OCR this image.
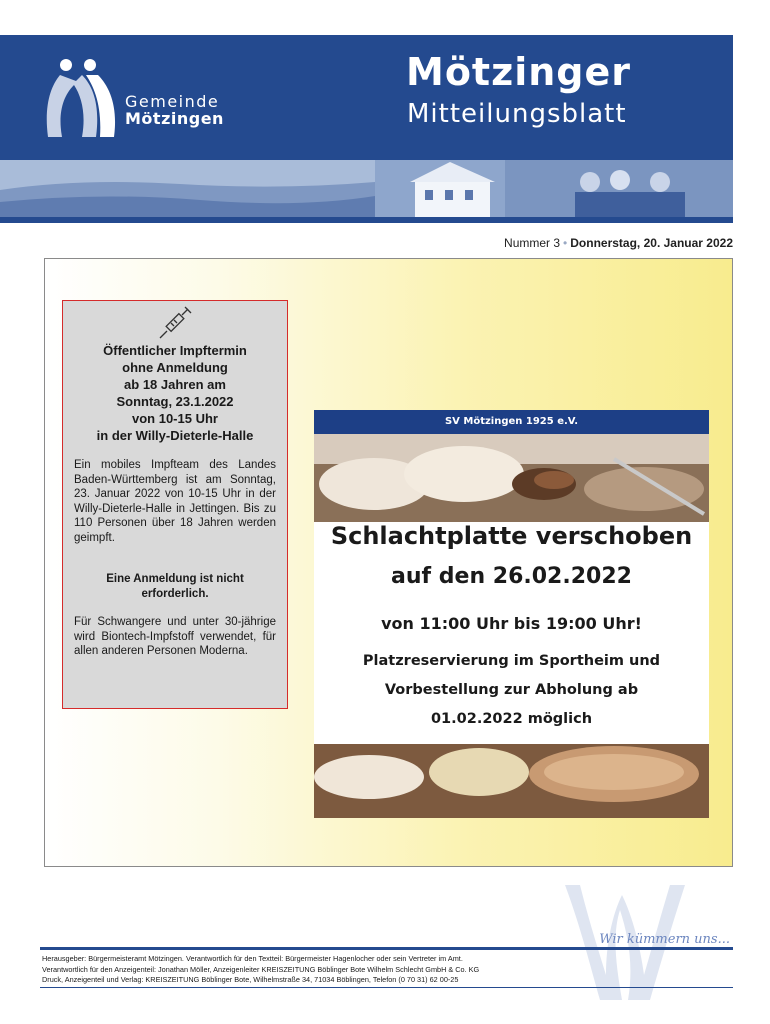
Gemeinde
Mötzingen
Mötzinger
Mitteilungsblatt
Nummer 3 • Donnerstag, 20. Januar 2022
Öffentlicher Impftermin
ohne Anmeldung
ab 18 Jahren am
Sonntag, 23.1.2022
von 10-15 Uhr
in der Willy-Dieterle-Halle
Ein mobiles Impfteam des Landes Baden-Württemberg ist am Sonntag, 23. Januar 2022 von 10-15 Uhr in der Willy-Dieterle-Halle in Jettingen. Bis zu 110 Personen über 18 Jahren werden geimpft.
Eine Anmeldung ist nicht erforderlich.
Für Schwangere und unter 30-jährige wird Biontech-Impfstoff verwendet, für allen anderen Personen Moderna.
SV Mötzingen 1925 e.V.
Schlachtplatte verschoben
auf den 26.02.2022
von 11:00 Uhr bis 19:00 Uhr!
Platzreservierung im Sportheim und
Vorbestellung zur Abholung ab
01.02.2022 möglich
Wir kümmern uns...
Herausgeber: Bürgermeisteramt Mötzingen. Verantwortlich für den Textteil: Bürgermeister Hagenlocher oder sein Vertreter im Amt.
Verantwortlich für den Anzeigenteil: Jonathan Möller, Anzeigenleiter KREISZEITUNG Böblinger Bote Wilhelm Schlecht GmbH & Co. KG
Druck, Anzeigenteil und Verlag: KREISZEITUNG Böblinger Bote, Wilhelmstraße 34, 71034 Böblingen, Telefon (0 70 31) 62 00-25
